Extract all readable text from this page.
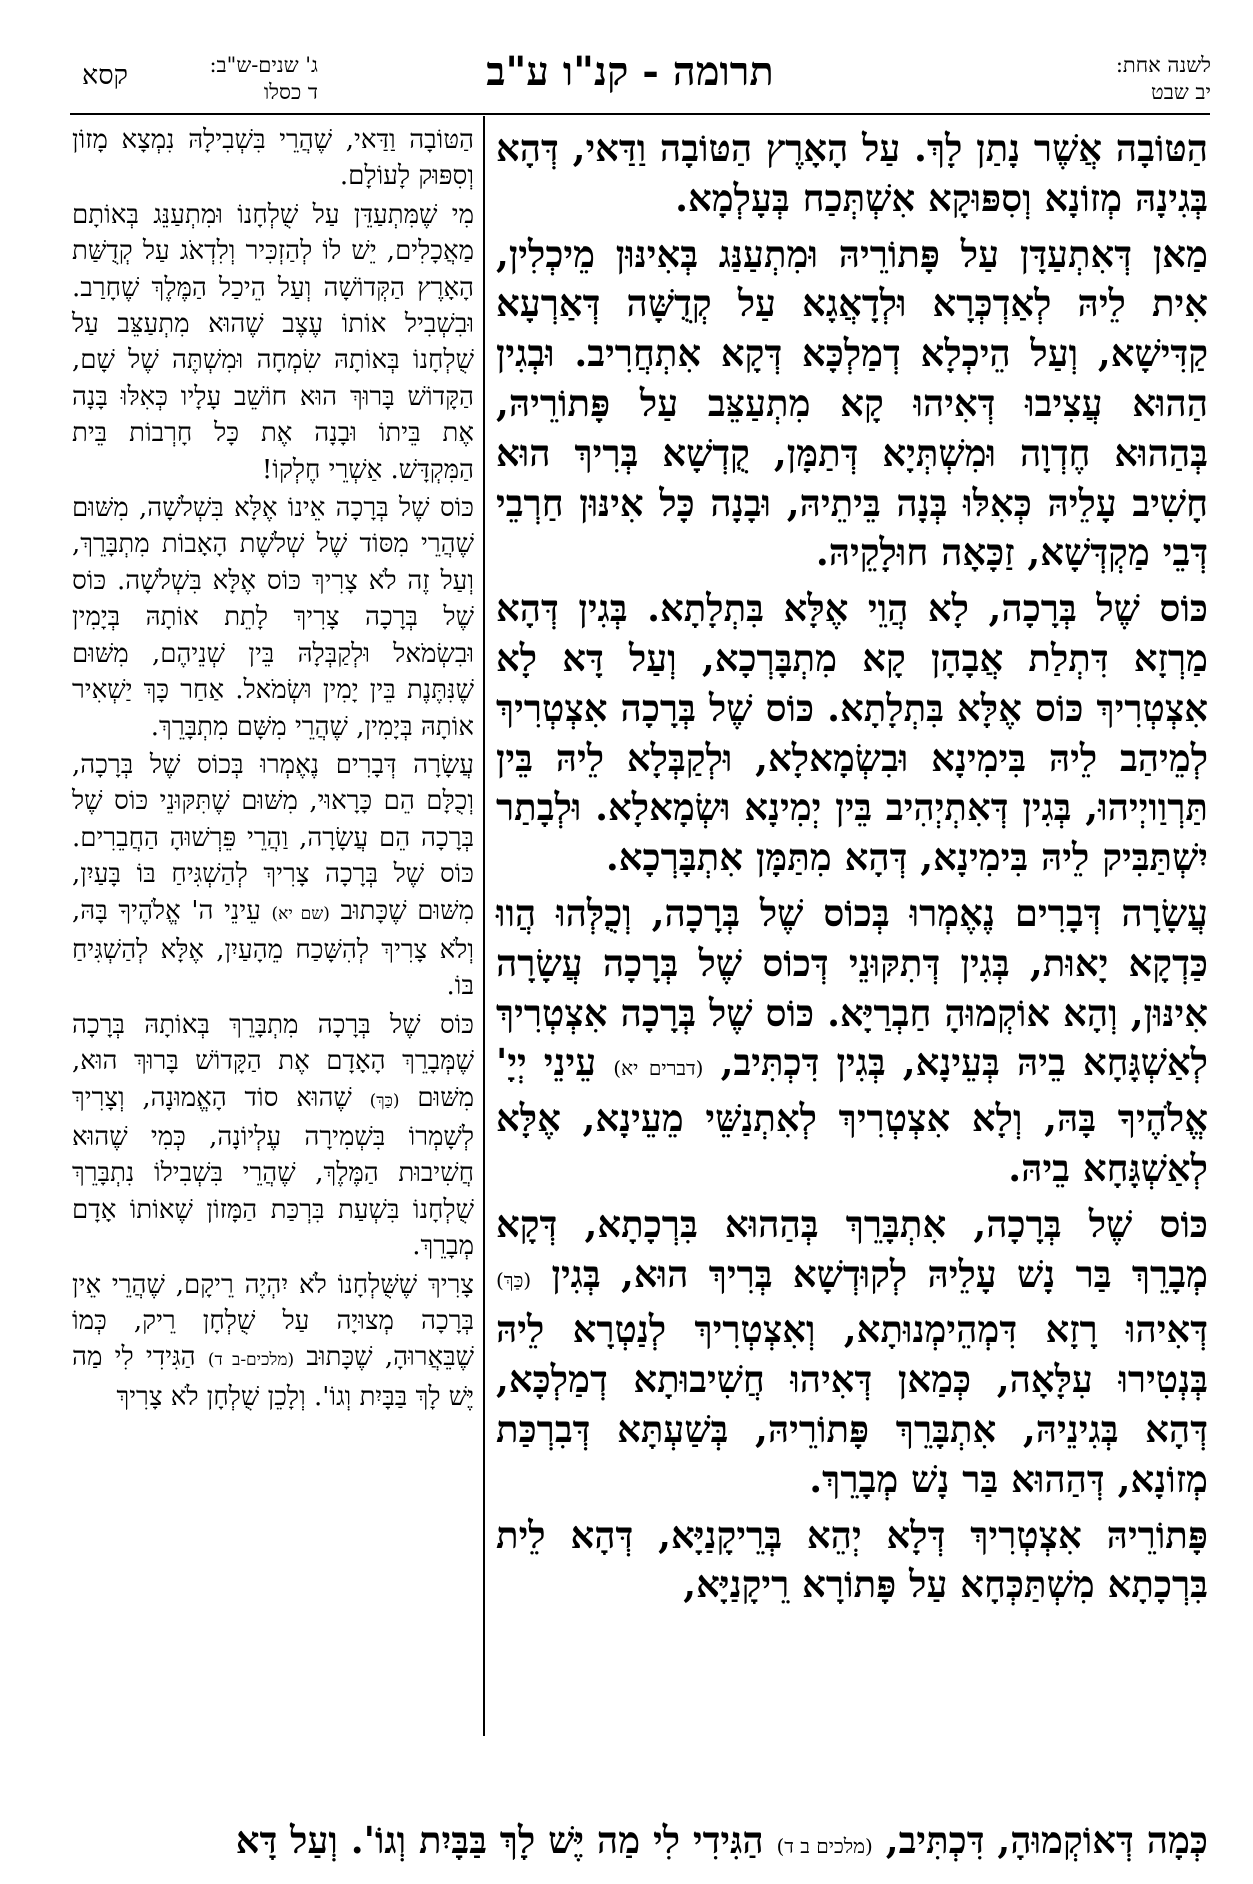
לשנה אחת:
יב שבט
תרומה - קנ"ו ע"ב
ג' שנים-ש"ב:
ד כסלו
קסא

הַטּוֹבָה אֲשֶׁר נָתַן לָךְ. עַל הָאָרֶץ הַטּוֹבָה וַדַּאי, דְּהָא בְּגִינָהּ מְזוֹנָא וְסִפּוּקָא אִשְׁתְּכַח בְּעָלְמָא.

מַאן דְּאִתְעַדָּן עַל פָּתוֹרֵיהּ וּמִתְעַנַּג בְּאִינּוּן מֵיכְלִין, אִית לֵיהּ לְאַדְכְּרָא וּלְדָאֲגָא עַל קְדֻשָּׁה דְּאַרְעָא קַדִּישָׁא, וְעַל הֵיכְלָא דְמַלְכָּא דְּקָא אִתְחֲרִיב. וּבְגִין הַהוּא עֲצִיבוּ דְּאִיהוּ קָא מִתְעַצֵּב עַל פָּתוֹרֵיהּ, בְּהַהוּא חֶדְוָה וּמִשְׁתְּיָא דְּתַמָּן, קֻדְשָׁא בְּרִיךְ הוּא חָשִׁיב עָלֵיהּ כְּאִלּוּ בְּנָה בֵּיתֵיהּ, וּבָנָה כָּל אִינּוּן חַרְבֵי דְּבֵי מַקְדְּשָׁא, זַכָּאָה חוּלָקֵיהּ.

כּוֹס שֶׁל בְּרָכָה, לָא הֲוֵי אֶלָּא בִּתְלָתָא. בְּגִין דְּהָא מַרְזָא דִּתְלַת אֲבָהָן קָא מִתְבָּרְכָא, וְעַל דָּא לָא אִצְטְרִיךְ כּוֹס אֶלָּא בִּתְלָתָא. כּוֹס שֶׁל בְּרָכָה אִצְטְרִיךְ לְמֵיהַב לֵיהּ בִּימִינָא וּבִשְׂמָאלָא, וּלְקַבְּלָא לֵיהּ בֵּין תַּרְוַויְיהוּ, בְּגִין דְּאִתְיְהִיב בֵּין יְמִינָא וּשְׂמָאלָא. וּלְבָתַר יִשְׁתַּבִּיק לֵיהּ בִּימִינָא, דְּהָא מִתַּמָּן אִתְבָּרְכָא.

עֲשָׂרָה דְּבָרִים נֶאֶמְרוּ בְּכוֹס שֶׁל בְּרָכָה, וְכֻלְּהוּ הֲווּ כַּדְקָא יָאוּת, בְּגִין דְּתִקּוּנֵי דְּכוֹס שֶׁל בְּרָכָה עֲשָׂרָה אִינּוּן, וְהָא אוֹקְמוּהָ חַבְרַיָּא. כּוֹס שֶׁל בְּרָכָה אִצְטְרִיךְ לְאַשְׁגָּחָא בֵיהּ בְּעֵינָא, בְּגִין דִּכְתִּיב, (דברים יא) עֵינֵי יְיָ' אֱלֹהֶיךָ בָּהּ, וְלָא אִצְטְרִיךְ לְאִתְנַשֵּׁי מֵעֵינָא, אֶלָּא לְאַשְׁגָּחָא בֵיהּ.

כּוֹס שֶׁל בְּרָכָה, אִתְבָּרֵךְ בְּהַהוּא בִּרְכָתָא, דְּקָא מְבָרֵךְ בַּר נָשׁ עָלֵיהּ לְקוּדְשָׁא בְּרִיךְ הוּא, בְּגִין (כַּךְ) דְּאִיהוּ רָזָא דִּמְהֵימְנוּתָא, וְאִצְטְרִיךְ לְנַטְרָא לֵיהּ בְּנְטִירוּ עִלָּאָה, כְּמַאן דְּאִיהוּ חֲשִׁיבוּתָא דְמַלְכָּא, דְּהָא בְּגִינֵיהּ, אִתְבָּרֵךְ פָּתוֹרֵיהּ, בְּשַׁעְתָּא דְּבִרְכַּת מְזוֹנָא, דְּהַהוּא בַּר נָשׁ מְבָרֵךְ.

פָּתוֹרֵיהּ אִצְטְרִיךְ דְּלָא יְהֵא בְּרֵיקָנַיָּא, דְּהָא לֵית בִּרְכָתָא מִשְׁתַּכְּחָא עַל פָּתוֹרָא רֵיקָנַיָּא,

הַטּוֹבָה וַדַּאי, שֶׁהֲרֵי בִּשְׁבִילָהּ נִמְצָא מָזוֹן וְסִפּוּק לָעוֹלָם.

מִי שֶׁמִּתְעַדֵּן עַל שֻׁלְחָנוֹ וּמִתְעַנֵּג בְּאוֹתָם מַאֲכָלִים, יֵשׁ לוֹ לְהַזְכִּיר וְלִדְאֹג עַל קְדֻשַּׁת הָאָרֶץ הַקְּדוֹשָׁה וְעַל הֵיכַל הַמֶּלֶךְ שֶׁחָרַב. וּבִשְׁבִיל אוֹתוֹ עֶצֶב שֶׁהוּא מִתְעַצֵּב עַל שֻׁלְחָנוֹ בְּאוֹתָהּ שִׂמְחָה וּמִשְׁתֶּה שֶׁל שָׁם, הַקָּדוֹשׁ בָּרוּךְ הוּא חוֹשֵׁב עָלָיו כְּאִלּוּ בָּנָה אֶת בֵּיתוֹ וּבָנָה אֶת כָּל חָרְבוֹת בֵּית הַמִּקְדָּשׁ. אַשְׁרֵי חֶלְקוֹ!

כּוֹס שֶׁל בְּרָכָה אֵינוֹ אֶלָּא בִּשְׁלֹשָׁה, מִשּׁוּם שֶׁהֲרֵי מִסּוֹד שֶׁל שְׁלֹשֶׁת הָאָבוֹת מִתְבָּרֵךְ, וְעַל זֶה לֹא צָרִיךְ כּוֹס אֶלָּא בִּשְׁלֹשָׁה. כּוֹס שֶׁל בְּרָכָה צָרִיךְ לָתֵת אוֹתָהּ בְּיָמִין וּבִשְׂמֹאל וּלְקַבְּלָהּ בֵּין שְׁנֵיהֶם, מִשּׁוּם שֶׁנִּתֶּנֶת בֵּין יָמִין וּשְׂמֹאל. אַחַר כָּךְ יַשְׁאִיר אוֹתָהּ בְּיָמִין, שֶׁהֲרֵי מִשָּׁם מִתְבָּרֵךְ.

עֲשָׂרָה דְּבָרִים נֶאֶמְרוּ בְּכוֹס שֶׁל בְּרָכָה, וְכֻלָּם הֵם כָּרָאוּי, מִשּׁוּם שֶׁתִּקּוּנֵי כּוֹס שֶׁל בְּרָכָה הֵם עֲשָׂרָה, וַהֲרֵי פֵּרְשׁוּהָ הַחֲבֵרִים. כּוֹס שֶׁל בְּרָכָה צָרִיךְ לְהַשְׁגִּיחַ בּוֹ בָּעַיִן, מִשּׁוּם שֶׁכָּתוּב (שם יא) עֵינֵי ה' אֱלֹהֶיךָ בָּהּ, וְלֹא צָרִיךְ לְהִשָּׁכַח מֵהָעַיִן, אֶלָּא לְהַשְׁגִּיחַ בּוֹ.

כּוֹס שֶׁל בְּרָכָה מִתְבָּרֵךְ בְּאוֹתָהּ בְּרָכָה שֶׁמְּבָרֵךְ הָאָדָם אֶת הַקָּדוֹשׁ בָּרוּךְ הוּא, מִשּׁוּם (כַּךְ) שֶׁהוּא סוֹד הָאֱמוּנָה, וְצָרִיךְ לְשָׁמְרוֹ בִּשְׁמִירָה עֶלְיוֹנָה, כְּמִי שֶׁהוּא חֲשִׁיבוּת הַמֶּלֶךְ, שֶׁהֲרֵי בִּשְׁבִילוֹ נִתְבָּרֵךְ שֻׁלְחָנוֹ בִּשְׁעַת בִּרְכַּת הַמָּזוֹן שֶׁאוֹתוֹ אָדָם מְבָרֵךְ.

צָרִיךְ שֶׁשֻּׁלְחָנוֹ לֹא יִהְיֶה רֵיקָם, שֶׁהֲרֵי אֵין בְּרָכָה מְצוּיָה עַל שֻׁלְחָן רֵיק, כְּמוֹ שֶׁבֵּאֲרוּהָ, שֶׁכָּתוּב (מלכים-ב ד) הַגִּידִי לִי מַה יֶּשׁ לָךְ בַּבָּיִת וְגוֹ'. וְלָכֵן שֻׁלְחָן לֹא צָרִיךְ

כְּמָה דְּאוֹקְמוּהָ, דִּכְתִּיב, (מלכים ב ד) הַגִּידִי לִי מַה יֶּשׁ לָךְ בַּבָּיִת וְגוֹ'. וְעַל דָּא
